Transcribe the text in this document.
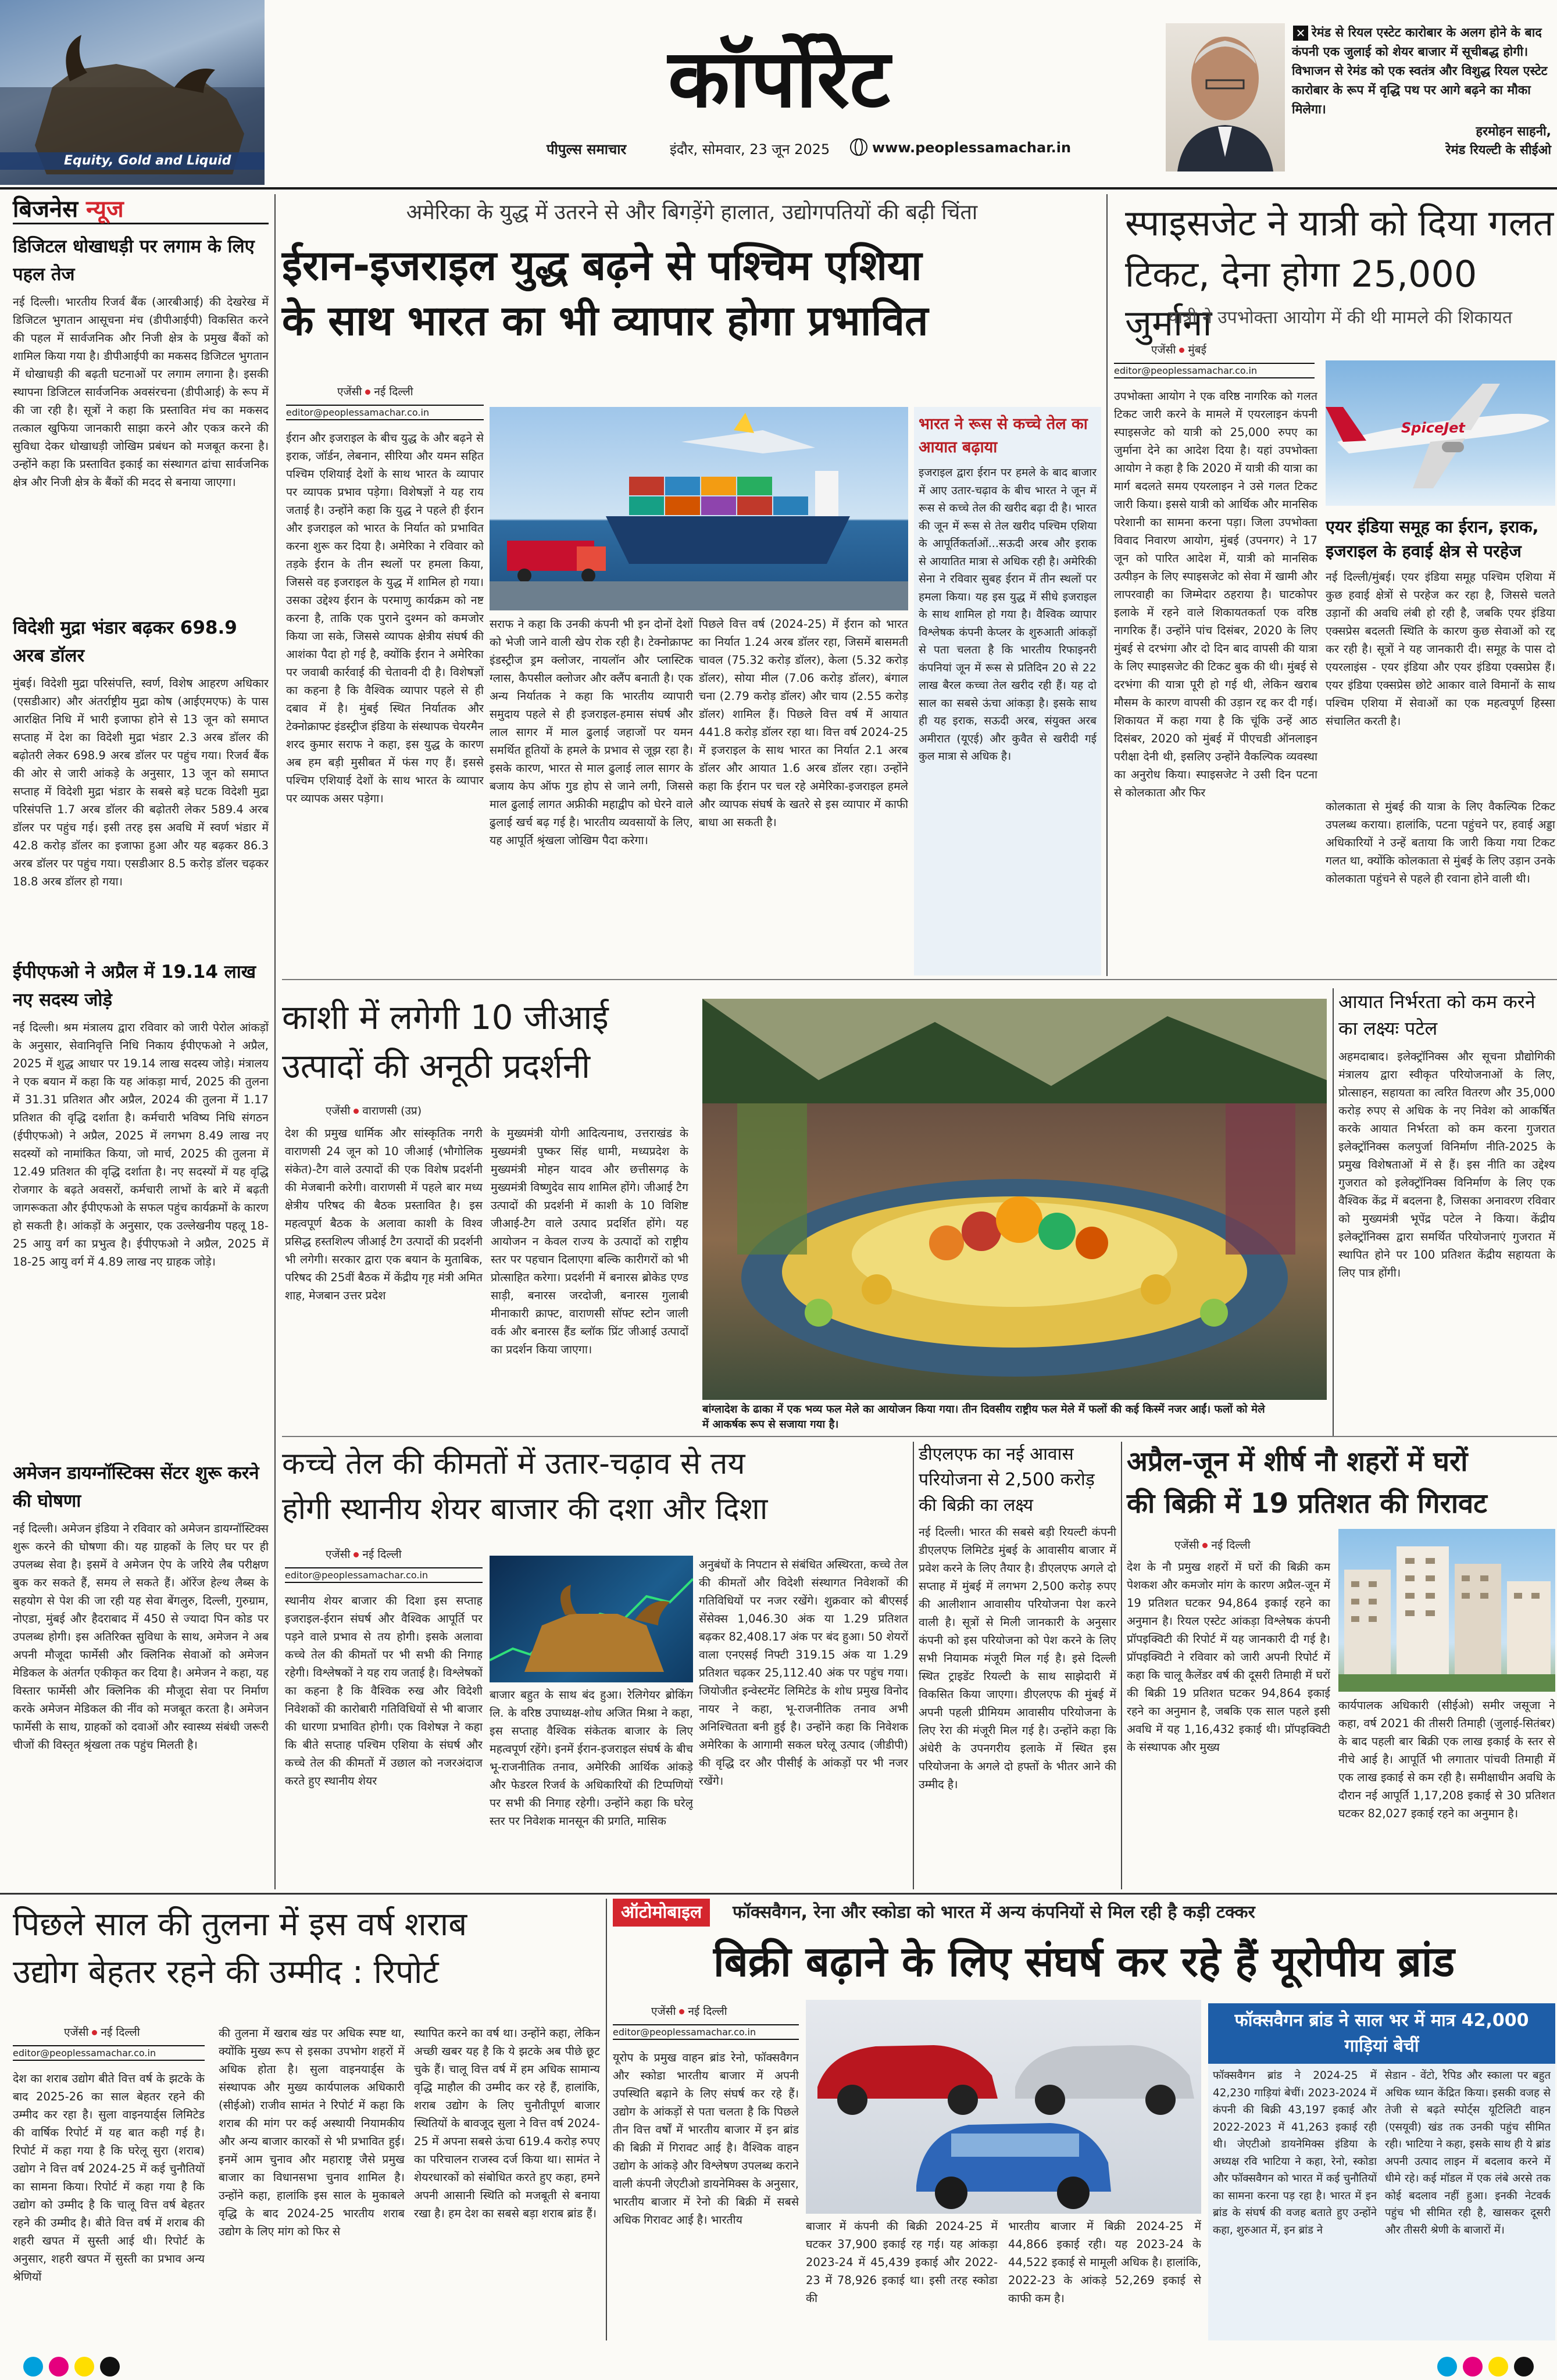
Equity, Gold and Liquid
कॉर्पोरेट
पीपुल्स समाचार	इंदौर, सोमवार, 23 जून 2025	www.peoplessamachar.in
✕ रेमंड से रियल एस्टेट कारोबार के अलग होने के बाद कंपनी एक जुलाई को शेयर बाजार में सूचीबद्ध होगी। विभाजन से रेमंड को एक स्वतंत्र और विशुद्ध रियल एस्टेट कारोबार के रूप में वृद्धि पथ पर आगे बढ़ने का मौका मिलेगा।
हरमोहन साहनी,
रेमंड रियल्टी के सीईओ
बिजनेस न्यूज
डिजिटल धोखाधड़ी पर लगाम के लिए पहल तेज
नई दिल्ली। भारतीय रिजर्व बैंक (आरबीआई) की देखरेख में डिजिटल भुगतान आसूचना मंच (डीपीआईपी) विकसित करने की पहल में सार्वजनिक और निजी क्षेत्र के प्रमुख बैंकों को शामिल किया गया है। डीपीआईपी का मकसद डिजिटल भुगतान में धोखाधड़ी की बढ़ती घटनाओं पर लगाम लगाना है। इसकी स्थापना डिजिटल सार्वजनिक अवसंरचना (डीपीआई) के रूप में की जा रही है। सूत्रों ने कहा कि प्रस्तावित मंच का मकसद तत्काल खुफिया जानकारी साझा करने और एकत्र करने की सुविधा देकर धोखाधड़ी जोखिम प्रबंधन को मजबूत करना है। उन्होंने कहा कि प्रस्तावित इकाई का संस्थागत ढांचा सार्वजनिक क्षेत्र और निजी क्षेत्र के बैंकों की मदद से बनाया जाएगा।
विदेशी मुद्रा भंडार बढ़कर 698.9 अरब डॉलर
मुंबई। विदेशी मुद्रा परिसंपत्ति, स्वर्ण, विशेष आहरण अधिकार (एसडीआर) और अंतर्राष्ट्रीय मुद्रा कोष (आईएमएफ) के पास आरक्षित निधि में भारी इजाफा होने से 13 जून को समाप्त सप्ताह में देश का विदेशी मुद्रा भंडार 2.3 अरब डॉलर की बढ़ोतरी लेकर 698.9 अरब डॉलर पर पहुंच गया। रिजर्व बैंक की ओर से जारी आंकड़े के अनुसार, 13 जून को समाप्त सप्ताह में विदेशी मुद्रा भंडार के सबसे बड़े घटक विदेशी मुद्रा परिसंपत्ति 1.7 अरब डॉलर की बढ़ोतरी लेकर 589.4 अरब डॉलर पर पहुंच गई। इसी तरह इस अवधि में स्वर्ण भंडार में 42.8 करोड़ डॉलर का इजाफा हुआ और यह बढ़कर 86.3 अरब डॉलर पर पहुंच गया। एसडीआर 8.5 करोड़ डॉलर चढ़कर 18.8 अरब डॉलर हो गया।
ईपीएफओ ने अप्रैल में 19.14 लाख नए सदस्य जोड़े
नई दिल्ली। श्रम मंत्रालय द्वारा रविवार को जारी पेरोल आंकड़ों के अनुसार, सेवानिवृत्ति निधि निकाय ईपीएफओ ने अप्रैल, 2025 में शुद्ध आधार पर 19.14 लाख सदस्य जोड़े। मंत्रालय ने एक बयान में कहा कि यह आंकड़ा मार्च, 2025 की तुलना में 31.31 प्रतिशत और अप्रैल, 2024 की तुलना में 1.17 प्रतिशत की वृद्धि दर्शाता है। कर्मचारी भविष्य निधि संगठन (ईपीएफओ) ने अप्रैल, 2025 में लगभग 8.49 लाख नए सदस्यों को नामांकित किया, जो मार्च, 2025 की तुलना में 12.49 प्रतिशत की वृद्धि दर्शाता है। नए सदस्यों में यह वृद्धि रोजगार के बढ़ते अवसरों, कर्मचारी लाभों के बारे में बढ़ती जागरूकता और ईपीएफओ के सफल पहुंच कार्यक्रमों के कारण हो सकती है। आंकड़ों के अनुसार, एक उल्लेखनीय पहलू 18-25 आयु वर्ग का प्रभुत्व है। ईपीएफओ ने अप्रैल, 2025 में 18-25 आयु वर्ग में 4.89 लाख नए ग्राहक जोड़े।
अमेजन डायग्नॉस्टिक्स सेंटर शुरू करने की घोषणा
नई दिल्ली। अमेजन इंडिया ने रविवार को अमेजन डायग्नॉस्टिक्स शुरू करने की घोषणा की। यह ग्राहकों के लिए घर पर ही उपलब्ध सेवा है। इसमें वे अमेजन ऐप के जरिये लैब परीक्षण बुक कर सकते हैं, समय ले सकते हैं। ऑरेंज हेल्थ लैब्स के सहयोग से पेश की जा रही यह सेवा बेंगलुरु, दिल्ली, गुरुग्राम, नोएडा, मुंबई और हैदराबाद में 450 से ज्यादा पिन कोड पर उपलब्ध होगी। इस अतिरिक्त सुविधा के साथ, अमेजन ने अब अपनी मौजूदा फार्मेसी और क्लिनिक सेवाओं को अमेजन मेडिकल के अंतर्गत एकीकृत कर दिया है। अमेजन ने कहा, यह विस्तार फार्मेसी और क्लिनिक की मौजूदा सेवा पर निर्माण करके अमेजन मेडिकल की नींव को मजबूत करता है। अमेजन फार्मेसी के साथ, ग्राहकों को दवाओं और स्वास्थ्य संबंधी जरूरी चीजों की विस्तृत श्रृंखला तक पहुंच मिलती है।
अमेरिका के युद्ध में उतरने से और बिगड़ेंगे हालात, उद्योगपतियों की बढ़ी चिंता
ईरान-इजराइल युद्ध बढ़ने से पश्चिम एशिया
के साथ भारत का भी व्यापार होगा प्रभावित
एजेंसी नई दिल्ली
editor@peoplessamachar.co.in
ईरान और इजराइल के बीच युद्ध के और बढ़ने से इराक, जॉर्डन, लेबनान, सीरिया और यमन सहित पश्चिम एशियाई देशों के साथ भारत के व्यापार पर व्यापक प्रभाव पड़ेगा। विशेषज्ञों ने यह राय जताई है। उन्होंने कहा कि युद्ध ने पहले ही ईरान और इजराइल को भारत के निर्यात को प्रभावित करना शुरू कर दिया है। अमेरिका ने रविवार को तड़के ईरान के तीन स्थलों पर हमला किया, जिससे वह इजराइल के युद्ध में शामिल हो गया। उसका उद्देश्य ईरान के परमाणु कार्यक्रम को नष्ट करना है, ताकि एक पुराने दुश्मन को कमजोर किया जा सके, जिससे व्यापक क्षेत्रीय संघर्ष की आशंका पैदा हो गई है, क्योंकि ईरान ने अमेरिका पर जवाबी कार्रवाई की चेतावनी दी है। विशेषज्ञों का कहना है कि वैश्विक व्यापार पहले से ही दबाव में है। मुंबई स्थित निर्यातक और टेक्नोक्राफ्ट इंडस्ट्रीज इंडिया के संस्थापक चेयरमैन शरद कुमार सराफ ने कहा, इस युद्ध के कारण अब हम बड़ी मुसीबत में फंस गए हैं। इससे पश्चिम एशियाई देशों के साथ भारत के व्यापार पर व्यापक असर पड़ेगा।
सराफ ने कहा कि उनकी कंपनी भी इन दोनों देशों को भेजी जाने वाली खेप रोक रही है। टेक्नोक्राफ्ट इंडस्ट्रीज ड्रम क्लोजर, नायलॉन और प्लास्टिक ग्लास, कैपसील क्लोजर और क्लैंप बनाती है। एक अन्य निर्यातक ने कहा कि भारतीय व्यापारी समुदाय पहले से ही इजराइल-हमास संघर्ष और लाल सागर में माल ढुलाई जहाजों पर यमन समर्थित हूतियों के हमले के प्रभाव से जूझ रहा है। इसके कारण, भारत से माल ढुलाई लाल सागर के बजाय केप ऑफ गुड होप से जाने लगी, जिससे माल ढुलाई लागत अफ्रीकी महाद्वीप को घेरने वाले ढुलाई खर्च बढ़ गई है। भारतीय व्यवसायों के लिए, यह आपूर्ति श्रृंखला जोखिम पैदा करेगा।
पिछले वित्त वर्ष (2024-25) में ईरान को भारत का निर्यात 1.24 अरब डॉलर रहा, जिसमें बासमती चावल (75.32 करोड़ डॉलर), केला (5.32 करोड़ डॉलर), सोया मील (7.06 करोड़ डॉलर), बंगाल चना (2.79 करोड़ डॉलर) और चाय (2.55 करोड़ डॉलर) शामिल हैं। पिछले वित्त वर्ष में आयात 441.8 करोड़ डॉलर रहा था। वित्त वर्ष 2024-25 में इजराइल के साथ भारत का निर्यात 2.1 अरब डॉलर और आयात 1.6 अरब डॉलर रहा। उन्होंने कहा कि ईरान पर चल रहे अमेरिका-इजराइल हमले और व्यापक संघर्ष के खतरे से इस व्यापार में काफी बाधा आ सकती है।
भारत ने रूस से कच्चे तेल का आयात बढ़ाया
इजराइल द्वारा ईरान पर हमले के बाद बाजार में आए उतार-चढ़ाव के बीच भारत ने जून में रूस से कच्चे तेल की खरीद बढ़ा दी है। भारत की जून में रूस से तेल खरीद पश्चिम एशिया के आपूर्तिकर्ताओं...सऊदी अरब और इराक से आयातित मात्रा से अधिक रही है। अमेरिकी सेना ने रविवार सुबह ईरान में तीन स्थलों पर हमला किया। यह इस युद्ध में सीधे इजराइल के साथ शामिल हो गया है। वैश्विक व्यापार विश्लेषक कंपनी केप्लर के शुरुआती आंकड़ों से पता चलता है कि भारतीय रिफाइनरी कंपनियां जून में रूस से प्रतिदिन 20 से 22 लाख बैरल कच्चा तेल खरीद रही हैं। यह दो साल का सबसे ऊंचा आंकड़ा है। इसके साथ ही यह इराक, सऊदी अरब, संयुक्त अरब अमीरात (यूएई) और कुवैत से खरीदी गई कुल मात्रा से अधिक है।
स्पाइसजेट ने यात्री को दिया गलत
टिकट, देना होगा 25,000 जुर्माना
यात्री ने उपभोक्ता आयोग में की थी मामले की शिकायत
एजेंसी मुंबई
editor@peoplessamachar.co.in
उपभोक्ता आयोग ने एक वरिष्ठ नागरिक को गलत टिकट जारी करने के मामले में एयरलाइन कंपनी स्पाइसजेट को यात्री को 25,000 रुपए का जुर्माना देने का आदेश दिया है। यहां उपभोक्ता आयोग ने कहा है कि 2020 में यात्री की यात्रा का मार्ग बदलते समय एयरलाइन ने उसे गलत टिकट जारी किया। इससे यात्री को आर्थिक और मानसिक परेशानी का सामना करना पड़ा। जिला उपभोक्ता विवाद निवारण आयोग, मुंबई (उपनगर) ने 17 जून को पारित आदेश में, यात्री को मानसिक उत्पीड़न के लिए स्पाइसजेट को सेवा में खामी और लापरवाही का जिम्मेदार ठहराया है। घाटकोपर इलाके में रहने वाले शिकायतकर्ता एक वरिष्ठ नागरिक हैं। उन्होंने पांच दिसंबर, 2020 के लिए मुंबई से दरभंगा और दो दिन बाद वापसी की यात्रा के लिए स्पाइसजेट की टिकट बुक की थी। मुंबई से दरभंगा की यात्रा पूरी हो गई थी, लेकिन खराब मौसम के कारण वापसी की उड़ान रद्द कर दी गई। शिकायत में कहा गया है कि चूंकि उन्हें आठ दिसंबर, 2020 को मुंबई में पीएचडी ऑनलाइन परीक्षा देनी थी, इसलिए उन्होंने वैकल्पिक व्यवस्था का अनुरोध किया। स्पाइसजेट ने उसी दिन पटना से कोलकाता और फिर
SpiceJet
एयर इंडिया समूह का ईरान, इराक, इजराइल के हवाई क्षेत्र से परहेज
नई दिल्ली/मुंबई। एयर इंडिया समूह पश्चिम एशिया में कुछ हवाई क्षेत्रों से परहेज कर रहा है, जिससे चलते उड़ानों की अवधि लंबी हो रही है, जबकि एयर इंडिया एक्सप्रेस बदलती स्थिति के कारण कुछ सेवाओं को रद्द कर रही है। सूत्रों ने यह जानकारी दी। समूह के पास दो एयरलाइंस - एयर इंडिया और एयर इंडिया एक्सप्रेस हैं। एयर इंडिया एक्सप्रेस छोटे आकार वाले विमानों के साथ पश्चिम एशिया में सेवाओं का एक महत्वपूर्ण हिस्सा संचालित करती है।
कोलकाता से मुंबई की यात्रा के लिए वैकल्पिक टिकट उपलब्ध कराया। हालांकि, पटना पहुंचने पर, हवाई अड्डा अधिकारियों ने उन्हें बताया कि जारी किया गया टिकट गलत था, क्योंकि कोलकाता से मुंबई के लिए उड़ान उनके कोलकाता पहुंचने से पहले ही रवाना होने वाली थी।
काशी में लगेगी 10 जीआई
उत्पादों की अनूठी प्रदर्शनी
एजेंसी वाराणसी (उप्र)
देश की प्रमुख धार्मिक और सांस्कृतिक नगरी वाराणसी 24 जून को 10 जीआई (भौगोलिक संकेत)-टैग वाले उत्पादों की एक विशेष प्रदर्शनी की मेजबानी करेगी। वाराणसी में पहले बार मध्य क्षेत्रीय परिषद की बैठक प्रस्तावित है। इस महत्वपूर्ण बैठक के अलावा काशी के विश्व प्रसिद्ध हस्तशिल्प जीआई टैग उत्पादों की प्रदर्शनी भी लगेगी। सरकार द्वारा एक बयान के मुताबिक, परिषद की 25वीं बैठक में केंद्रीय गृह मंत्री अमित शाह, मेजबान उत्तर प्रदेश
के मुख्यमंत्री योगी आदित्यनाथ, उत्तराखंड के मुख्यमंत्री पुष्कर सिंह धामी, मध्यप्रदेश के मुख्यमंत्री मोहन यादव और छत्तीसगढ़ के मुख्यमंत्री विष्णुदेव साय शामिल होंगे। जीआई टैग उत्पादों की प्रदर्शनी में काशी के 10 विशिष्ट जीआई-टैग वाले उत्पाद प्रदर्शित होंगे। यह आयोजन न केवल राज्य के उत्पादों को राष्ट्रीय स्तर पर पहचान दिलाएगा बल्कि कारीगरों को भी प्रोत्साहित करेगा। प्रदर्शनी में बनारस ब्रोकेड एण्ड साड़ी, बनारस जरदोजी, बनारस गुलाबी मीनाकारी क्राफ्ट, वाराणसी सॉफ्ट स्टोन जाली वर्क और बनारस हैंड ब्लॉक प्रिंट जीआई उत्पादों का प्रदर्शन किया जाएगा।
बांग्लादेश के ढाका में एक भव्य फल मेले का आयोजन किया गया। तीन दिवसीय राष्ट्रीय फल मेले में फलों की कई किस्में नजर आईं। फलों को मेले
में आकर्षक रूप से सजाया गया है।
आयात निर्भरता को कम करने का लक्ष्यः पटेल
अहमदाबाद। इलेक्ट्रॉनिक्स और सूचना प्रौद्योगिकी मंत्रालय द्वारा स्वीकृत परियोजनाओं के लिए, प्रोत्साहन, सहायता का त्वरित वितरण और 35,000 करोड़ रुपए से अधिक के नए निवेश को आकर्षित करके आयात निर्भरता को कम करना गुजरात इलेक्ट्रॉनिक्स कलपुर्जा विनिर्माण नीति-2025 के प्रमुख विशेषताओं में से हैं। इस नीति का उद्देश्य गुजरात को इलेक्ट्रॉनिक्स विनिर्माण के लिए एक वैश्विक केंद्र में बदलना है, जिसका अनावरण रविवार को मुख्यमंत्री भूपेंद्र पटेल ने किया। केंद्रीय इलेक्ट्रॉनिक्स द्वारा समर्थित परियोजनाएं गुजरात में स्थापित होने पर 100 प्रतिशत केंद्रीय सहायता के लिए पात्र होंगी।
कच्चे तेल की कीमतों में उतार-चढ़ाव से तय
होगी स्थानीय शेयर बाजार की दशा और दिशा
एजेंसी नई दिल्ली
editor@peoplessamachar.co.in
स्थानीय शेयर बाजार की दिशा इस सप्ताह इजराइल-ईरान संघर्ष और वैश्विक आपूर्ति पर पड़ने वाले प्रभाव से तय होगी। इसके अलावा कच्चे तेल की कीमतों पर भी सभी की निगाह रहेगी। विश्लेषकों ने यह राय जताई है। विश्लेषकों का कहना है कि वैश्विक रुख और विदेशी निवेशकों की कारोबारी गतिविधियों से भी बाजार की धारणा प्रभावित होगी। एक विशेषज्ञ ने कहा कि बीते सप्ताह पश्चिम एशिया के संघर्ष और कच्चे तेल की कीमतों में उछाल को नजरअंदाज करते हुए स्थानीय शेयर
बाजार बहुत के साथ बंद हुआ। रेलिगेयर ब्रोकिंग लि. के वरिष्ठ उपाध्यक्ष-शोध अजित मिश्रा ने कहा, इस सप्ताह वैश्विक संकेतक बाजार के लिए महत्वपूर्ण रहेंगे। इनमें ईरान-इजराइल संघर्ष के बीच भू-राजनीतिक तनाव, अमेरिकी आर्थिक आंकड़े और फेडरल रिजर्व के अधिकारियों की टिप्पणियों पर सभी की निगाह रहेगी। उन्होंने कहा कि घरेलू स्तर पर निवेशक मानसून की प्रगति, मासिक
अनुबंधों के निपटान से संबंधित अस्थिरता, कच्चे तेल की कीमतों और विदेशी संस्थागत निवेशकों की गतिविधियों पर नजर रखेंगे। शुक्रवार को बीएसई सेंसेक्स 1,046.30 अंक या 1.29 प्रतिशत बढ़कर 82,408.17 अंक पर बंद हुआ। 50 शेयरों वाला एनएसई निफ्टी 319.15 अंक या 1.29 प्रतिशत चढ़कर 25,112.40 अंक पर पहुंच गया। जियोजीत इन्वेस्टमेंट लिमिटेड के शोध प्रमुख विनोद नायर ने कहा, भू-राजनीतिक तनाव अभी अनिश्चितता बनी हुई है। उन्होंने कहा कि निवेशक अमेरिका के आगामी सकल घरेलू उत्पाद (जीडीपी) की वृद्धि दर और पीसीई के आंकड़ों पर भी नजर रखेंगे।
डीएलएफ का नई आवास परियोजना से 2,500 करोड़ की बिक्री का लक्ष्य
नई दिल्ली। भारत की सबसे बड़ी रियल्टी कंपनी डीएलएफ लिमिटेड मुंबई के आवासीय बाजार में प्रवेश करने के लिए तैयार है। डीएलएफ अगले दो सप्ताह में मुंबई में लगभग 2,500 करोड़ रुपए की आलीशान आवासीय परियोजना पेश करने वाली है। सूत्रों से मिली जानकारी के अनुसार कंपनी को इस परियोजना को पेश करने के लिए सभी नियामक मंजूरी मिल गई है। इसे दिल्ली स्थित ट्राइडेंट रियल्टी के साथ साझेदारी में विकसित किया जाएगा। डीएलएफ की मुंबई में अपनी पहली प्रीमियम आवासीय परियोजना के लिए रेरा की मंजूरी मिल गई है। उन्होंने कहा कि अंधेरी के उपनगरीय इलाके में स्थित इस परियोजना के अगले दो हफ्तों के भीतर आने की उम्मीद है।
अप्रैल-जून में शीर्ष नौ शहरों में घरों
की बिक्री में 19 प्रतिशत की गिरावट
एजेंसी नई दिल्ली
देश के नौ प्रमुख शहरों में घरों की बिक्री कम पेशकश और कमजोर मांग के कारण अप्रैल-जून में 19 प्रतिशत घटकर 94,864 इकाई रहने का अनुमान है। रियल एस्टेट आंकड़ा विश्लेषक कंपनी प्रॉपइक्विटी की रिपोर्ट में यह जानकारी दी गई है। प्रॉपइक्विटी ने रविवार को जारी अपनी रिपोर्ट में कहा कि चालू कैलेंडर वर्ष की दूसरी तिमाही में घरों की बिक्री 19 प्रतिशत घटकर 94,864 इकाई रहने का अनुमान है, जबकि एक साल पहले इसी अवधि में यह 1,16,432 इकाई थी। प्रॉपइक्विटी के संस्थापक और मुख्य
कार्यपालक अधिकारी (सीईओ) समीर जसूजा ने कहा, वर्ष 2021 की तीसरी तिमाही (जुलाई-सितंबर) के बाद पहली बार बिक्री एक लाख इकाई के स्तर से नीचे आई है। आपूर्ति भी लगातार पांचवी तिमाही में एक लाख इकाई से कम रही है। समीक्षाधीन अवधि के दौरान नई आपूर्ति 1,17,208 इकाई से 30 प्रतिशत घटकर 82,027 इकाई रहने का अनुमान है।
पिछले साल की तुलना में इस वर्ष शराब
उद्योग बेहतर रहने की उम्मीद : रिपोर्ट
एजेंसी नई दिल्ली
editor@peoplessamachar.co.in
देश का शराब उद्योग बीते वित्त वर्ष के झटके के बाद 2025-26 का साल बेहतर रहने की उम्मीद कर रहा है। सुला वाइनयार्ड्स लिमिटेड की वार्षिक रिपोर्ट में यह बात कही गई है। रिपोर्ट में कहा गया है कि घरेलू सुरा (शराब) उद्योग ने वित्त वर्ष 2024-25 में कई चुनौतियों का सामना किया। रिपोर्ट में कहा गया है कि उद्योग को उम्मीद है कि चालू वित्त वर्ष बेहतर रहने की उम्मीद है। बीते वित्त वर्ष में शराब की शहरी खपत में सुस्ती आई थी। रिपोर्ट के अनुसार, शहरी खपत में सुस्ती का प्रभाव अन्य श्रेणियों
की तुलना में खराब खंड पर अधिक स्पष्ट था, क्योंकि मुख्य रूप से इसका उपभोग शहरों में अधिक होता है। सुला वाइनयार्ड्स के संस्थापक और मुख्य कार्यपालक अधिकारी (सीईओ) राजीव सामंत ने रिपोर्ट में कहा कि शराब की मांग पर कई अस्थायी नियामकीय और अन्य बाजार कारकों से भी प्रभावित हुई। इनमें आम चुनाव और महाराष्ट्र जैसे प्रमुख बाजार का विधानसभा चुनाव शामिल है। उन्होंने कहा, हालांकि इस साल के मुकाबले वृद्धि के बाद 2024-25 भारतीय शराब उद्योग के लिए मांग को फिर से
स्थापित करने का वर्ष था। उन्होंने कहा, लेकिन अच्छी खबर यह है कि ये झटके अब पीछे छूट चुके हैं। चालू वित्त वर्ष में हम अधिक सामान्य वृद्धि माहौल की उम्मीद कर रहे हैं, हालांकि, शराब उद्योग के लिए चुनौतीपूर्ण बाजार स्थितियों के बावजूद सुला ने वित्त वर्ष 2024-25 में अपना सबसे ऊंचा 619.4 करोड़ रुपए का परिचालन राजस्व दर्ज किया था। सामंत ने शेयरधारकों को संबोधित करते हुए कहा, हमने अपनी आसानी स्थिति को मजबूती से बनाया रखा है। हम देश का सबसे बड़ा शराब ब्रांड हैं।
ऑटोमोबाइल	फॉक्सवैगन, रेना और स्कोडा को भारत में अन्य कंपनियों से मिल रही है कड़ी टक्कर
बिक्री बढ़ाने के लिए संघर्ष कर रहे हैं यूरोपीय ब्रांड
एजेंसी नई दिल्ली
editor@peoplessamachar.co.in
यूरोप के प्रमुख वाहन ब्रांड रेनो, फॉक्सवैगन और स्कोडा भारतीय बाजार में अपनी उपस्थिति बढ़ाने के लिए संघर्ष कर रहे हैं। उद्योग के आंकड़ों से पता चलता है कि पिछले तीन वित्त वर्षों में भारतीय बाजार में इन ब्रांड की बिक्री में गिरावट आई है। वैश्विक वाहन उद्योग के आंकड़े और विश्लेषण उपलब्ध कराने वाली कंपनी जेएटीओ डायनेमिक्स के अनुसार, भारतीय बाजार में रेनो की बिक्री में सबसे अधिक गिरावट आई है। भारतीय	बाजार में कंपनी की बिक्री 2024-25 में घटकर 37,900 इकाई रह गई। यह आंकड़ा 2023-24 में 45,439 इकाई और 2022-23 में 78,926 इकाई था। इसी तरह स्कोडा की
भारतीय बाजार में बिक्री 2024-25 में 44,866 इकाई रही। यह 2023-24 के 44,522 इकाई से मामूली अधिक है। हालांकि, 2022-23 के आंकड़े 52,269 इकाई से काफी कम है।
फॉक्सवैगन ब्रांड ने साल भर में मात्र 42,000 गाड़ियां बेचीं
फॉक्सवैगन ब्रांड ने 2024-25 में 42,230 गाड़ियां बेचीं। 2023-2024 में कंपनी की बिक्री 43,197 इकाई और 2022-2023 में 41,263 इकाई रही थी। जेएटीओ डायनेमिक्स इंडिया के अध्यक्ष रवि भाटिया ने कहा, रेनो, स्कोडा और फॉक्सवैगन को भारत में कई चुनौतियों का सामना करना पड़ रहा है। भारत में इन ब्रांड के संघर्ष की वजह बताते हुए उन्होंने कहा, शुरुआत में, इन ब्रांड ने
सेडान - वेंटो, रैपिड और स्काला पर बहुत अधिक ध्यान केंद्रित किया। इसकी वजह से तेजी से बढ़ते स्पोर्ट्स यूटिलिटी वाहन (एसयूवी) खंड तक उनकी पहुंच सीमित रही। भाटिया ने कहा, इसके साथ ही ये ब्रांड अपनी उत्पाद लाइन में बदलाव करने में धीमे रहे। कई मॉडल में एक लंबे अरसे तक कोई बदलाव नहीं हुआ। इनकी नेटवर्क पहुंच भी सीमित रही है, खासकर दूसरी और तीसरी श्रेणी के बाजारों में।
